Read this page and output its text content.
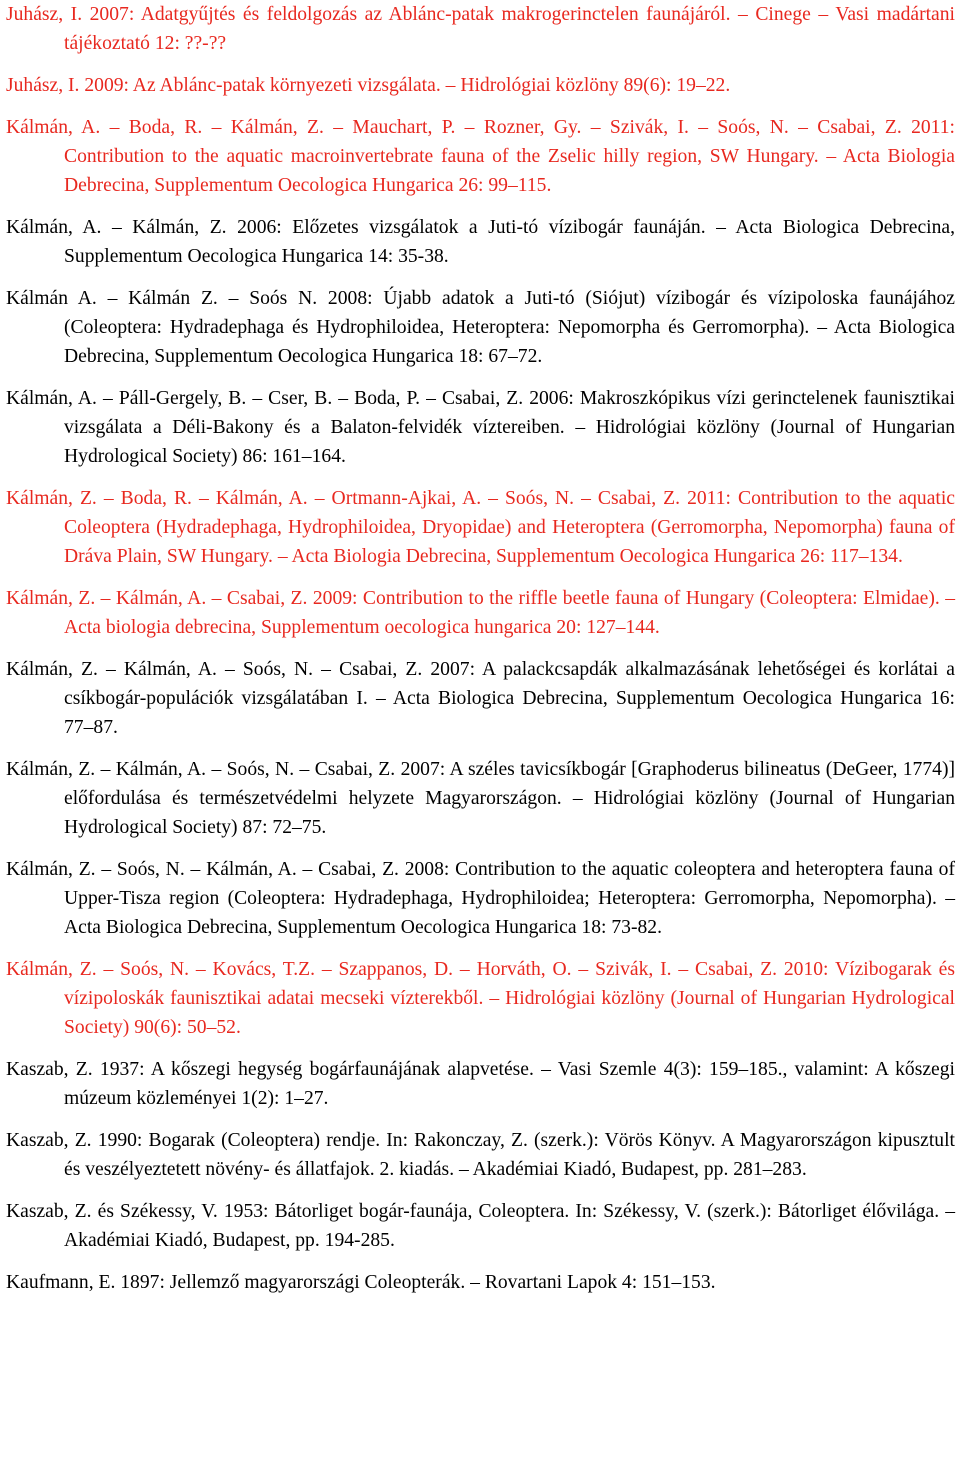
Juhász, I. 2007: Adatgyűjtés és feldolgozás az Ablánc-patak makrogerinctelen faunájáról. – Cinege – Vasi madártani tájékoztató 12: ??-??
Juhász, I. 2009: Az Ablánc-patak környezeti vizsgálata. – Hidrológiai közlöny 89(6): 19–22.
Kálmán, A. – Boda, R. – Kálmán, Z. – Mauchart, P. – Rozner, Gy. – Szivák, I. – Soós, N. – Csabai, Z. 2011: Contribution to the aquatic macroinvertebrate fauna of the Zselic hilly region, SW Hungary. – Acta Biologia Debrecina, Supplementum Oecologica Hungarica 26: 99–115.
Kálmán, A. – Kálmán, Z. 2006: Előzetes vizsgálatok a Juti-tó vízibogár faunáján. – Acta Biologica Debrecina, Supplementum Oecologica Hungarica 14: 35-38.
Kálmán A. – Kálmán Z. – Soós N. 2008: Újabb adatok a Juti-tó (Siójut) vízibogár és vízipoloska faunájához (Coleoptera: Hydradephaga és Hydrophiloidea, Heteroptera: Nepomorpha és Gerromorpha). – Acta Biologica Debrecina, Supplementum Oecologica Hungarica 18: 67–72.
Kálmán, A. – Páll-Gergely, B. – Cser, B. – Boda, P. – Csabai, Z. 2006: Makroszkópikus vízi gerinctelenek faunisztikai vizsgálata a Déli-Bakony és a Balaton-felvidék víztereiben. – Hidrológiai közlöny (Journal of Hungarian Hydrological Society) 86: 161–164.
Kálmán, Z. – Boda, R. – Kálmán, A. – Ortmann-Ajkai, A. – Soós, N. – Csabai, Z. 2011: Contribution to the aquatic Coleoptera (Hydradephaga, Hydrophiloidea, Dryopidae) and Heteroptera (Gerromorpha, Nepomorpha) fauna of Dráva Plain, SW Hungary. – Acta Biologia Debrecina, Supplementum Oecologica Hungarica 26: 117–134.
Kálmán, Z. – Kálmán, A. – Csabai, Z. 2009: Contribution to the riffle beetle fauna of Hungary (Coleoptera: Elmidae). – Acta biologia debrecina, Supplementum oecologica hungarica 20: 127–144.
Kálmán, Z. – Kálmán, A. – Soós, N. – Csabai, Z. 2007: A palackcsapdák alkalmazásának lehetőségei és korlátai a csíkbogár-populációk vizsgálatában I. – Acta Biologica Debrecina, Supplementum Oecologica Hungarica 16: 77–87.
Kálmán, Z. – Kálmán, A. – Soós, N. – Csabai, Z. 2007: A széles tavicsíkbogár [Graphoderus bilineatus (DeGeer, 1774)] előfordulása és természetvédelmi helyzete Magyarországon. – Hidrológiai közlöny (Journal of Hungarian Hydrological Society) 87: 72–75.
Kálmán, Z. – Soós, N. – Kálmán, A. – Csabai, Z. 2008: Contribution to the aquatic coleoptera and heteroptera fauna of Upper-Tisza region (Coleoptera: Hydradephaga, Hydrophiloidea; Heteroptera: Gerromorpha, Nepomorpha). – Acta Biologica Debrecina, Supplementum Oecologica Hungarica 18: 73-82.
Kálmán, Z. – Soós, N. – Kovács, T.Z. – Szappanos, D. – Horváth, O. – Szivák, I. – Csabai, Z. 2010: Vízibogarak és vízipoloskák faunisztikai adatai mecseki vízterekből. – Hidrológiai közlöny (Journal of Hungarian Hydrological Society) 90(6): 50–52.
Kaszab, Z. 1937: A kőszegi hegység bogárfaunájának alapvetése. – Vasi Szemle 4(3): 159–185., valamint: A kőszegi múzeum közleményei 1(2): 1–27.
Kaszab, Z. 1990: Bogarak (Coleoptera) rendje. In: Rakonczay, Z. (szerk.): Vörös Könyv. A Magyarországon kipusztult és veszélyeztetett növény- és állatfajok. 2. kiadás. – Akadémiai Kiadó, Budapest, pp. 281–283.
Kaszab, Z. és Székessy, V. 1953: Bátorliget bogár-faunája, Coleoptera. In: Székessy, V. (szerk.): Bátorliget élővilága. – Akadémiai Kiadó, Budapest, pp. 194-285.
Kaufmann, E. 1897: Jellemző magyarországi Coleopterák. – Rovartani Lapok 4: 151–153.
